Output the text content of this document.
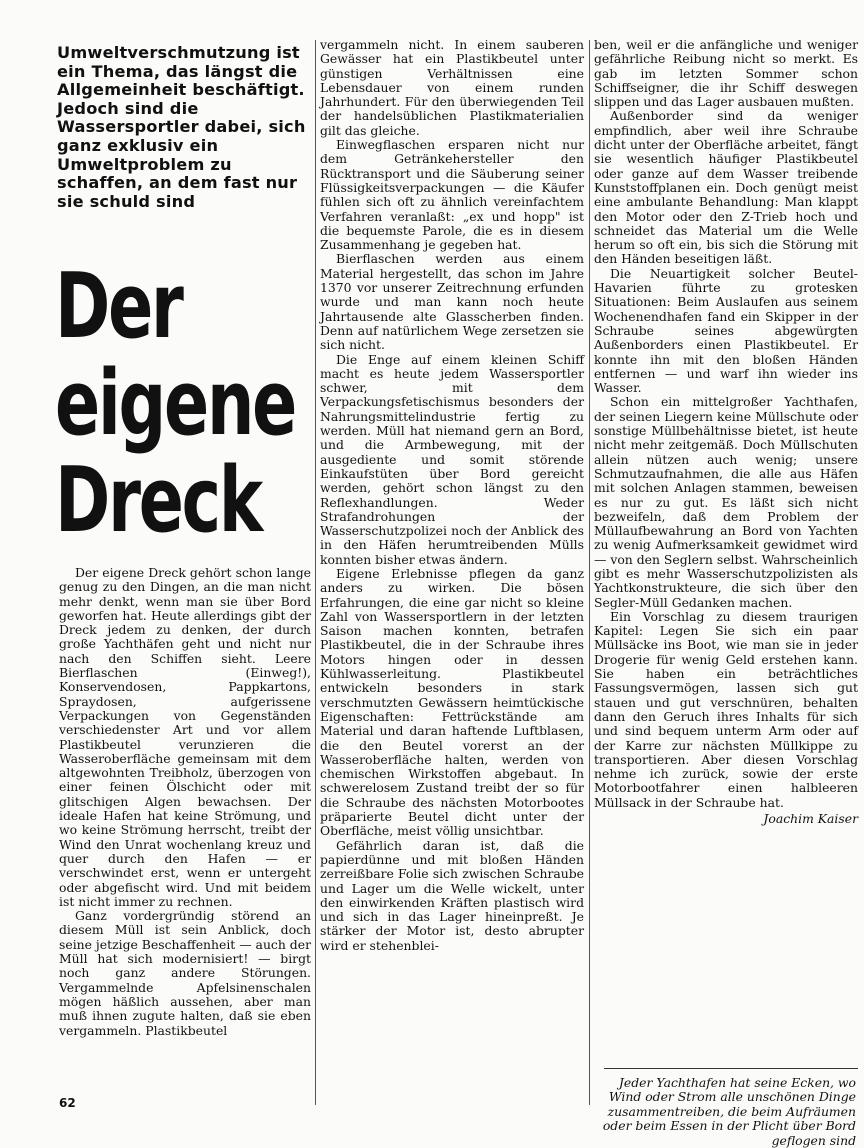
Umweltverschmutzung ist ein Thema, das längst die Allgemeinheit beschäftigt. Jedoch sind die Wassersportler dabei, sich ganz exklusiv ein Umweltproblem zu schaffen, an dem fast nur sie schuld sind
Der
eigene
Dreck

Der eigene Dreck gehört schon lange genug zu den Dingen, an die man nicht mehr denkt, wenn man sie über Bord geworfen hat. Heute allerdings gibt der Dreck jedem zu denken, der durch große Yachthäfen geht und nicht nur nach den Schiffen sieht. Leere Bierflaschen (Einweg!), Konservendosen, Pappkartons, Spraydosen, aufgerissene Verpackungen von Gegenständen verschiedenster Art und vor allem Plastikbeutel verunzieren die Wasseroberfläche gemeinsam mit dem altgewohnten Treibholz, überzogen von einer feinen Ölschicht oder mit glitschigen Algen bewachsen. Der ideale Hafen hat keine Strömung, und wo keine Strömung herrscht, treibt der Wind den Unrat wochenlang kreuz und quer durch den Hafen — er verschwindet erst, wenn er untergeht oder abgefischt wird. Und mit beidem ist nicht immer zu rechnen.

Ganz vordergründig störend an diesem Müll ist sein Anblick, doch seine jetzige Beschaffenheit — auch der Müll hat sich modernisiert! — birgt noch ganz andere Störungen. Vergammelnde Apfelsinenschalen mögen häßlich aussehen, aber man muß ihnen zugute halten, daß sie eben vergammeln. Plastikbeutel

vergammeln nicht. In einem sauberen Gewässer hat ein Plastikbeutel unter günstigen Verhältnissen eine Lebensdauer von einem runden Jahrhundert. Für den überwiegenden Teil der handelsüblichen Plastikmaterialien gilt das gleiche.

Einwegflaschen ersparen nicht nur dem Getränkehersteller den Rücktransport und die Säuberung seiner Flüssigkeitsverpackungen — die Käufer fühlen sich oft zu ähnlich vereinfachtem Verfahren veranlaßt: „ex und hopp" ist die bequemste Parole, die es in diesem Zusammenhang je gegeben hat.

Bierflaschen werden aus einem Material hergestellt, das schon im Jahre 1370 vor unserer Zeitrechnung erfunden wurde und man kann noch heute Jahrtausende alte Glasscherben finden. Denn auf natürlichem Wege zersetzen sie sich nicht.

Die Enge auf einem kleinen Schiff macht es heute jedem Wassersportler schwer, mit dem Verpackungsfetischismus besonders der Nahrungsmittelindustrie fertig zu werden. Müll hat niemand gern an Bord, und die Armbewegung, mit der ausgediente und somit störende Einkaufstüten über Bord gereicht werden, gehört schon längst zu den Reflexhandlungen. Weder Strafandrohungen der Wasserschutzpolizei noch der Anblick des in den Häfen herumtreibenden Mülls konnten bisher etwas ändern.

Eigene Erlebnisse pflegen da ganz anders zu wirken. Die bösen Erfahrungen, die eine gar nicht so kleine Zahl von Wassersportlern in der letzten Saison machen konnten, betrafen Plastikbeutel, die in der Schraube ihres Motors hingen oder in dessen Kühlwasserleitung. Plastikbeutel entwickeln besonders in stark verschmutzten Gewässern heimtückische Eigenschaften: Fettrückstände am Material und daran haftende Luftblasen, die den Beutel vorerst an der Wasseroberfläche halten, werden von chemischen Wirkstoffen abgebaut. In schwerelosem Zustand treibt der so für die Schraube des nächsten Motorbootes präparierte Beutel dicht unter der Oberfläche, meist völlig unsichtbar.

Gefährlich daran ist, daß die papierdünne und mit bloßen Händen zerreißbare Folie sich zwischen Schraube und Lager um die Welle wickelt, unter den einwirkenden Kräften plastisch wird und sich in das Lager hineinpreßt. Je stärker der Motor ist, desto abrupter wird er stehenblei-

ben, weil er die anfängliche und weniger gefährliche Reibung nicht so merkt. Es gab im letzten Sommer schon Schiffseigner, die ihr Schiff deswegen slippen und das Lager ausbauen mußten.

Außenborder sind da weniger empfindlich, aber weil ihre Schraube dicht unter der Oberfläche arbeitet, fängt sie wesentlich häufiger Plastikbeutel oder ganze auf dem Wasser treibende Kunststoffplanen ein. Doch genügt meist eine ambulante Behandlung: Man klappt den Motor oder den Z-Trieb hoch und schneidet das Material um die Welle herum so oft ein, bis sich die Störung mit den Händen beseitigen läßt.

Die Neuartigkeit solcher Beutel-Havarien führte zu grotesken Situationen: Beim Auslaufen aus seinem Wochenendhafen fand ein Skipper in der Schraube seines abgewürgten Außenborders einen Plastikbeutel. Er konnte ihn mit den bloßen Händen entfernen — und warf ihn wieder ins Wasser.

Schon ein mittelgroßer Yachthafen, der seinen Liegern keine Müllschute oder sonstige Müllbehältnisse bietet, ist heute nicht mehr zeitgemäß. Doch Müllschuten allein nützen auch wenig; unsere Schmutzaufnahmen, die alle aus Häfen mit solchen Anlagen stammen, beweisen es nur zu gut. Es läßt sich nicht bezweifeln, daß dem Problem der Müllaufbewahrung an Bord von Yachten zu wenig Aufmerksamkeit gewidmet wird — von den Seglern selbst. Wahrscheinlich gibt es mehr Wasserschutzpolizisten als Yachtkonstrukteure, die sich über den Segler-Müll Gedanken machen.

Ein Vorschlag zu diesem traurigen Kapitel: Legen Sie sich ein paar Müllsäcke ins Boot, wie man sie in jeder Drogerie für wenig Geld erstehen kann. Sie haben ein beträchtliches Fassungsvermögen, lassen sich gut stauen und gut verschnüren, behalten dann den Geruch ihres Inhalts für sich und sind bequem unterm Arm oder auf der Karre zur nächsten Müllkippe zu transportieren. Aber diesen Vorschlag nehme ich zurück, sowie der erste Motorbootfahrer einen halbleeren Müllsack in der Schraube hat.

Joachim Kaiser
Jeder Yachthafen hat seine Ecken, wo Wind oder Strom alle unschönen Dinge zusammentreiben, die beim Aufräumen oder beim Essen in der Plicht über Bord geflogen sind
62
